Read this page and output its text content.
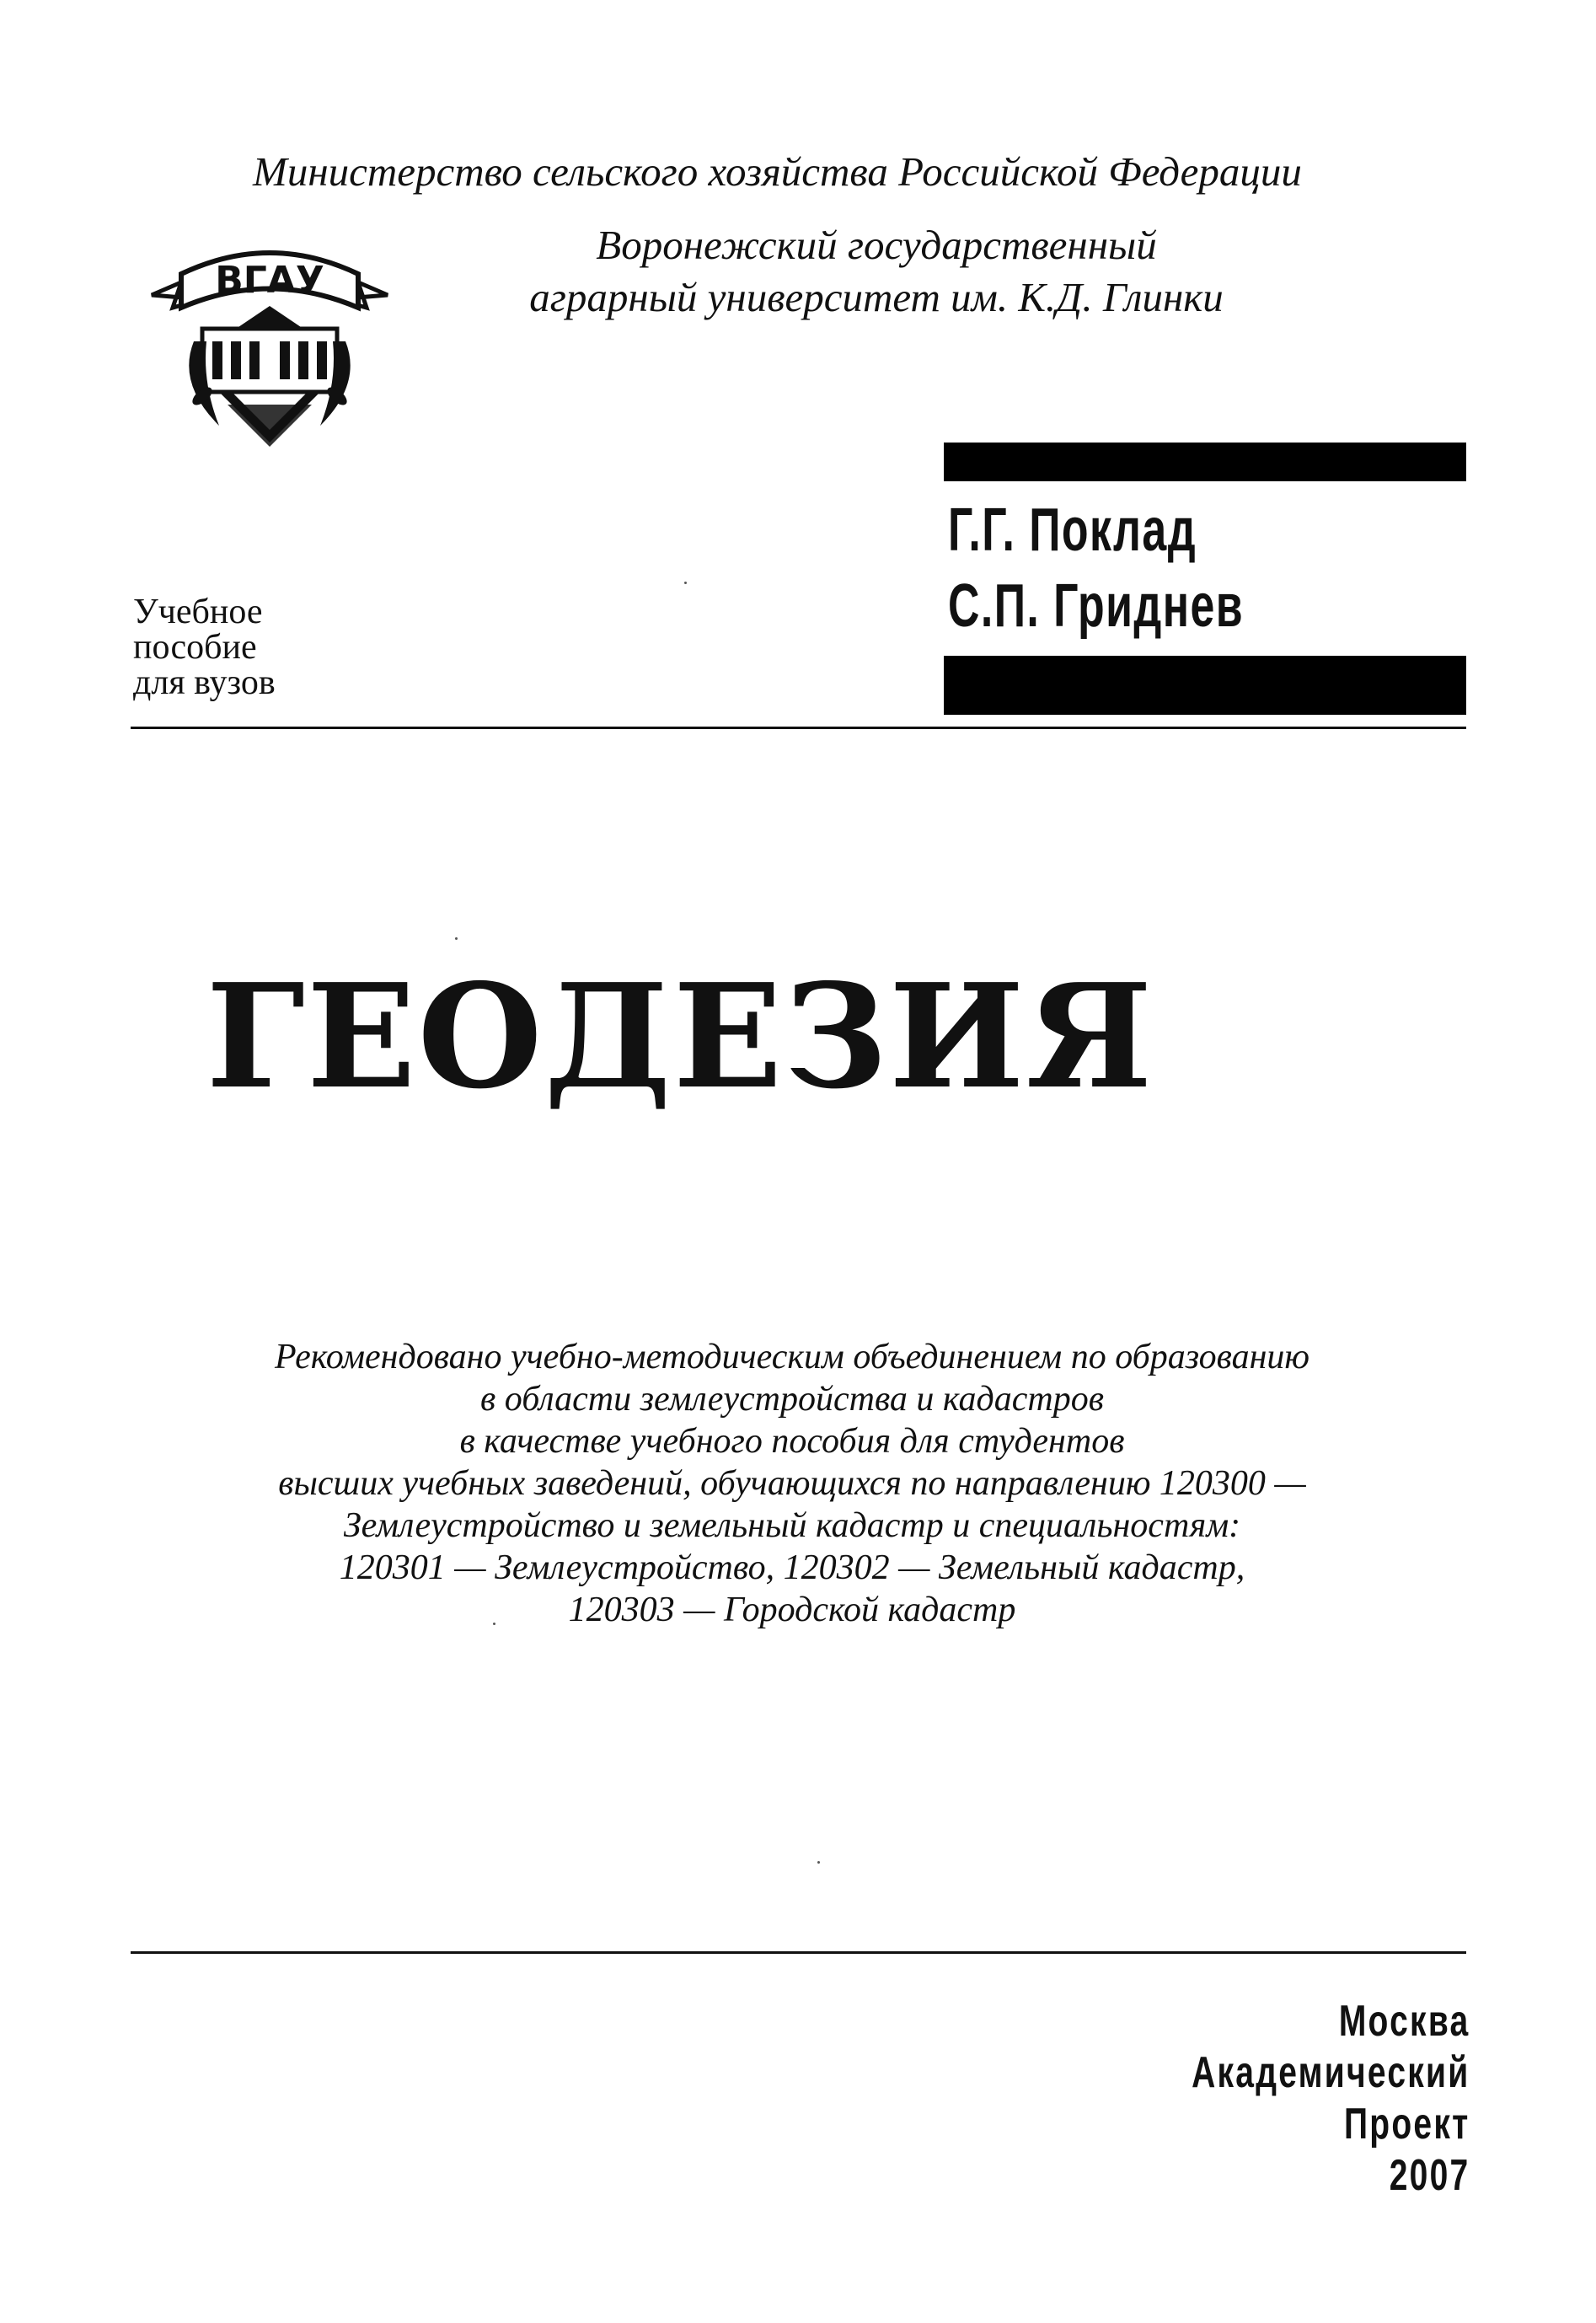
Министерство сельского хозяйства Российской Федерации
ВГАУ
Воронежский государственный
аграрный университет им. К.Д. Глинки
Г.Г. Поклад
С.П. Гриднев
Учебное
пособие
для вузов
ГЕОДЕЗИЯ
Рекомендовано учебно-методическим объединением по образованию
в области землеустройства и кадастров
в качестве учебного пособия для студентов
высших учебных заведений, обучающихся по направлению 120300 —
Землеустройство и земельный кадастр и специальностям:
120301 — Землеустройство, 120302 — Земельный кадастр,
120303 — Городской кадастр
Москва
Академический
Проект
2007
